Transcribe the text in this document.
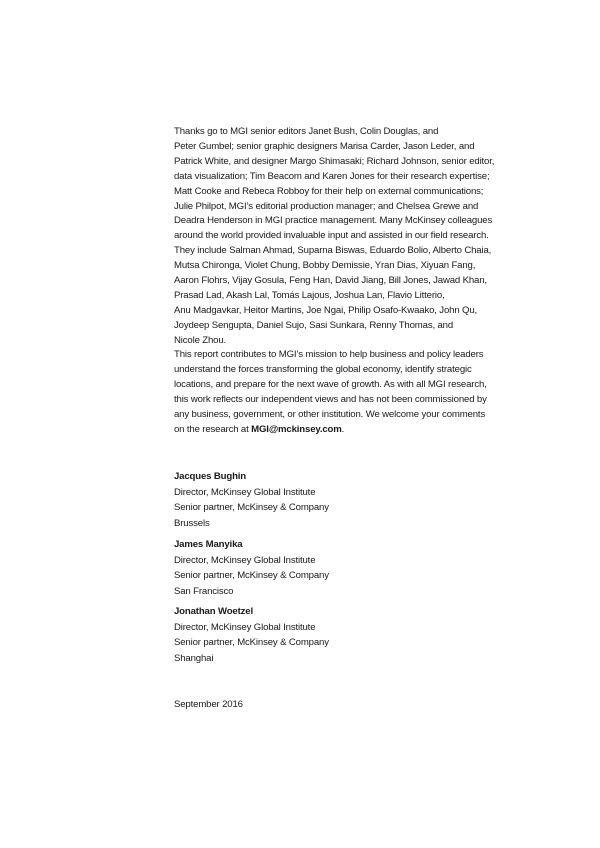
Thanks go to MGI senior editors Janet Bush, Colin Douglas, and
Peter Gumbel; senior graphic designers Marisa Carder, Jason Leder, and
Patrick White, and designer Margo Shimasaki; Richard Johnson, senior editor,
data visualization; Tim Beacom and Karen Jones for their research expertise;
Matt Cooke and Rebeca Robboy for their help on external communications;
Julie Philpot, MGI’s editorial production manager; and Chelsea Grewe and
Deadra Henderson in MGI practice management. Many McKinsey colleagues
around the world provided invaluable input and assisted in our field research.
They include Salman Ahmad, Suparna Biswas, Eduardo Bolio, Alberto Chaia,
Mutsa Chironga, Violet Chung, Bobby Demissie, Yran Dias, Xiyuan Fang,
Aaron Flohrs, Vijay Gosula, Feng Han, David Jiang, Bill Jones, Jawad Khan,
Prasad Lad, Akash Lal, Tomás Lajous, Joshua Lan, Flavio Litterio,
Anu Madgavkar, Heitor Martins, Joe Ngai, Philip Osafo-Kwaako, John Qu,
Joydeep Sengupta, Daniel Sujo, Sasi Sunkara, Renny Thomas, and
Nicole Zhou.
This report contributes to MGI’s mission to help business and policy leaders
understand the forces transforming the global economy, identify strategic
locations, and prepare for the next wave of growth. As with all MGI research,
this work reflects our independent views and has not been commissioned by
any business, government, or other institution. We welcome your comments
on the research at MGI@mckinsey.com.
Jacques Bughin
Director, McKinsey Global Institute
Senior partner, McKinsey & Company
Brussels
James Manyika
Director, McKinsey Global Institute
Senior partner, McKinsey & Company
San Francisco
Jonathan Woetzel
Director, McKinsey Global Institute
Senior partner, McKinsey & Company
Shanghai
September 2016
